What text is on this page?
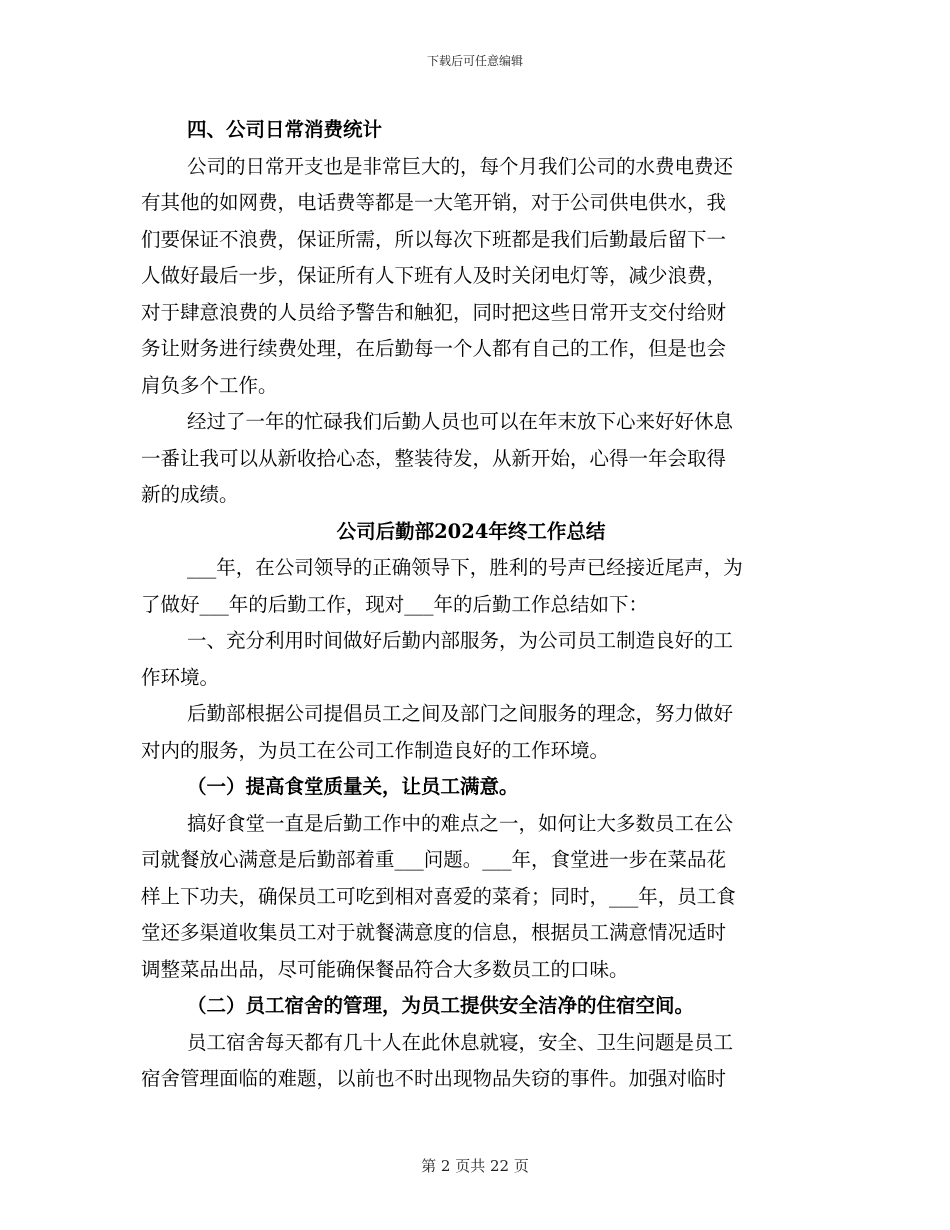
下载后可任意编辑
四、公司日常消费统计
公司的日常开支也是非常巨大的，每个月我们公司的水费电费还
有其他的如网费，电话费等都是一大笔开销，对于公司供电供水，我
们要保证不浪费，保证所需，所以每次下班都是我们后勤最后留下一
人做好最后一步，保证所有人下班有人及时关闭电灯等，减少浪费，
对于肆意浪费的人员给予警告和触犯，同时把这些日常开支交付给财
务让财务进行续费处理，在后勤每一个人都有自己的工作，但是也会
肩负多个工作。
经过了一年的忙碌我们后勤人员也可以在年末放下心来好好休息
一番让我可以从新收拾心态，整装待发，从新开始，心得一年会取得
新的成绩。
公司后勤部2024年终工作总结
___年，在公司领导的正确领导下，胜利的号声已经接近尾声，为
了做好___年的后勤工作，现对___年的后勤工作总结如下：
一、充分利用时间做好后勤内部服务，为公司员工制造良好的工
作环境。
后勤部根据公司提倡员工之间及部门之间服务的理念，努力做好
对内的服务，为员工在公司工作制造良好的工作环境。
（一）提高食堂质量关，让员工满意。
搞好食堂一直是后勤工作中的难点之一，如何让大多数员工在公
司就餐放心满意是后勤部着重___问题。___年，食堂进一步在菜品花
样上下功夫，确保员工可吃到相对喜爱的菜肴；同时，___年，员工食
堂还多渠道收集员工对于就餐满意度的信息，根据员工满意情况适时
调整菜品出品，尽可能确保餐品符合大多数员工的口味。
（二）员工宿舍的管理，为员工提供安全洁净的住宿空间。
员工宿舍每天都有几十人在此休息就寝，安全、卫生问题是员工
宿舍管理面临的难题，以前也不时出现物品失窃的事件。加强对临时
第 2 页共 22 页
